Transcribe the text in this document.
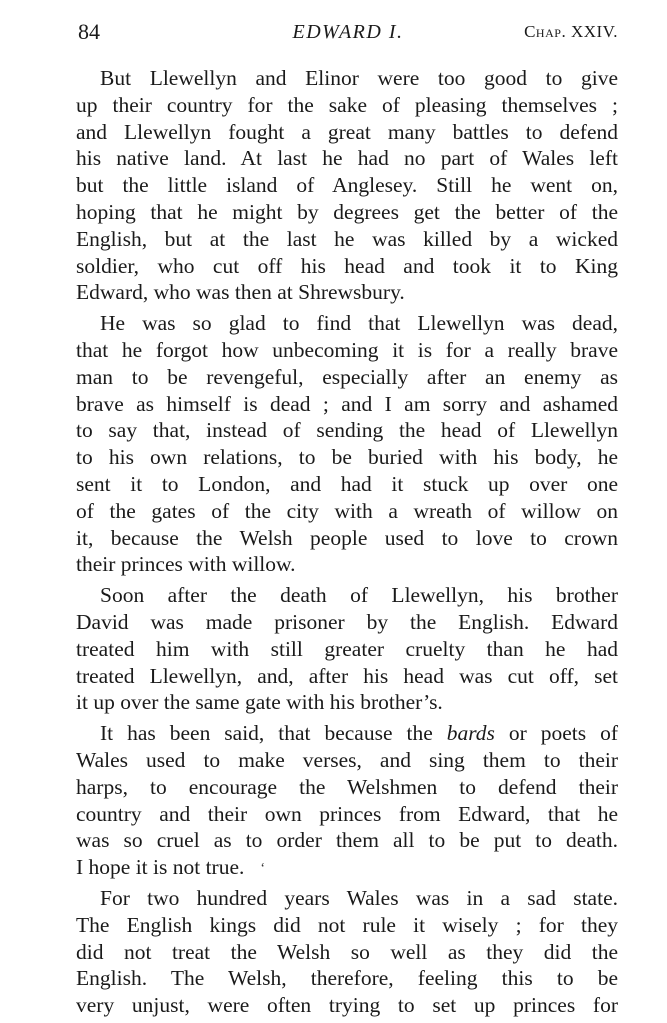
84	EDWARD I.	Chap. XXIV.

But Llewellyn and Elinor were too good to give
up their country for the sake of pleasing themselves ;
and Llewellyn fought a great many battles to defend
his native land. At last he had no part of Wales left
but the little island of Anglesey. Still he went on,
hoping that he might by degrees get the better of the
English, but at the last he was killed by a wicked
soldier, who cut off his head and took it to King
Edward, who was then at Shrewsbury.

He was so glad to find that Llewellyn was dead,
that he forgot how unbecoming it is for a really brave
man to be revengeful, especially after an enemy as
brave as himself is dead ; and I am sorry and ashamed
to say that, instead of sending the head of Llewellyn
to his own relations, to be buried with his body, he
sent it to London, and had it stuck up over one
of the gates of the city with a wreath of willow on
it, because the Welsh people used to love to crown
their princes with willow.

Soon after the death of Llewellyn, his brother
David was made prisoner by the English. Edward
treated him with still greater cruelty than he had
treated Llewellyn, and, after his head was cut off, set
it up over the same gate with his brother’s.

It has been said, that because the bards or poets of
Wales used to make verses, and sing them to their
harps, to encourage the Welshmen to defend their
country and their own princes from Edward, that he
was so cruel as to order them all to be put to death.
I hope it is not true. ‘

For two hundred years Wales was in a sad state.
The English kings did not rule it wisely ; for they
did not treat the Welsh so well as they did the
English. The Welsh, therefore, feeling this to be
very unjust, were often trying to set up princes for
